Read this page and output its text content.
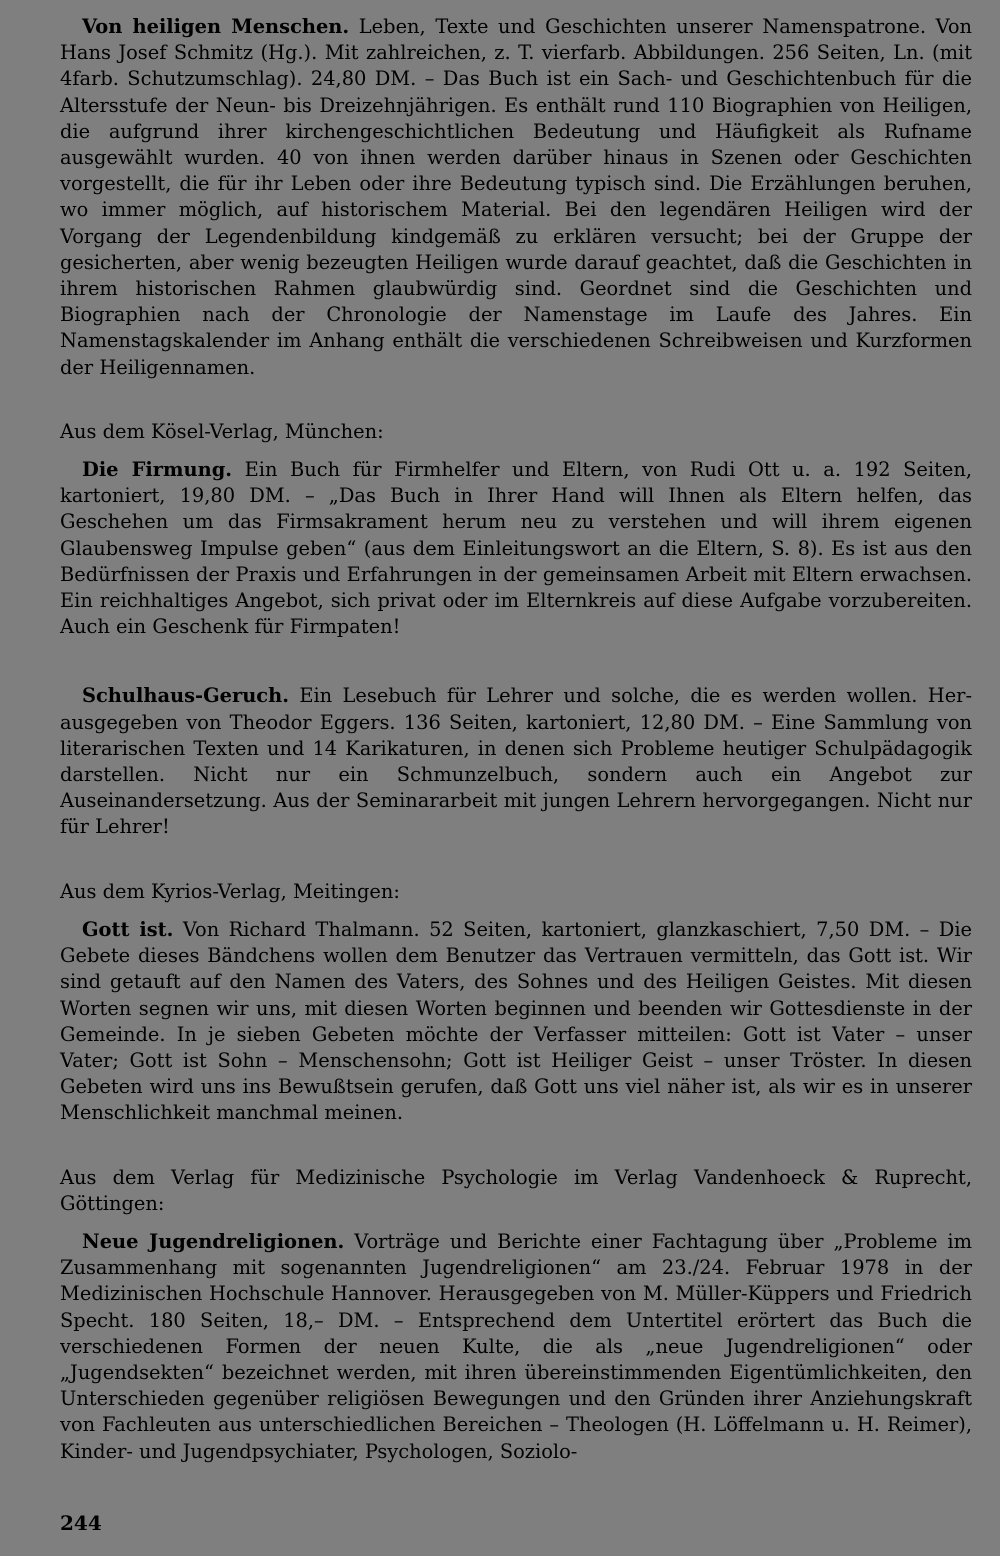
Von heiligen Menschen. Leben, Texte und Geschichten unserer Namenspatrone. Von Hans Josef Schmitz (Hg.). Mit zahlreichen, z. T. vierfarb. Abbildungen. 256 Seiten, Ln. (mit 4farb. Schutzumschlag). 24,80 DM. – Das Buch ist ein Sach- und Geschichtenbuch für die Altersstufe der Neun- bis Dreizehnjährigen. Es enthält rund 110 Biographien von Heiligen, die aufgrund ihrer kirchengeschichtlichen Bedeutung und Häufigkeit als Rufname ausgewählt wurden. 40 von ihnen werden darüber hinaus in Szenen oder Geschichten vorgestellt, die für ihr Leben oder ihre Bedeutung typisch sind. Die Erzählungen beruhen, wo immer möglich, auf historischem Material. Bei den legendären Heiligen wird der Vorgang der Legendenbildung kindgemäß zu erklären versucht; bei der Gruppe der gesicherten, aber wenig bezeugten Heiligen wurde darauf geachtet, daß die Geschichten in ihrem historischen Rahmen glaubwürdig sind. Geordnet sind die Geschichten und Biographien nach der Chronologie der Namenstage im Laufe des Jahres. Ein Namenstagskalender im Anhang enthält die verschiedenen Schreibweisen und Kurzformen der Heiligennamen.

Aus dem Kösel-Verlag, München:

Die Firmung. Ein Buch für Firmhelfer und Eltern, von Rudi Ott u. a. 192 Seiten, kartoniert, 19,80 DM. – „Das Buch in Ihrer Hand will Ihnen als Eltern helfen, das Geschehen um das Firmsakrament herum neu zu verstehen und will ihrem eigenen Glaubensweg Impulse geben“ (aus dem Einleitungswort an die Eltern, S. 8). Es ist aus den Bedürfnissen der Praxis und Erfahrungen in der gemeinsamen Arbeit mit Eltern erwachsen. Ein reichhaltiges Angebot, sich privat oder im Elternkreis auf diese Aufgabe vorzubereiten. Auch ein Geschenk für Firmpaten!

Schulhaus-Geruch. Ein Lesebuch für Lehrer und solche, die es werden wollen. Herausgegeben von Theodor Eggers. 136 Seiten, kartoniert, 12,80 DM. – Eine Sammlung von literarischen Texten und 14 Karikaturen, in denen sich Probleme heutiger Schulpädagogik darstellen. Nicht nur ein Schmunzelbuch, sondern auch ein Angebot zur Auseinandersetzung. Aus der Seminararbeit mit jungen Lehrern hervorgegangen. Nicht nur für Lehrer!

Aus dem Kyrios-Verlag, Meitingen:

Gott ist. Von Richard Thalmann. 52 Seiten, kartoniert, glanzkaschiert, 7,50 DM. – Die Gebete dieses Bändchens wollen dem Benutzer das Vertrauen vermitteln, das Gott ist. Wir sind getauft auf den Namen des Vaters, des Sohnes und des Heiligen Geistes. Mit diesen Worten segnen wir uns, mit diesen Worten beginnen und beenden wir Gottesdienste in der Gemeinde. In je sieben Gebeten möchte der Verfasser mitteilen: Gott ist Vater – unser Vater; Gott ist Sohn – Menschensohn; Gott ist Heiliger Geist – unser Tröster. In diesen Gebeten wird uns ins Bewußtsein gerufen, daß Gott uns viel näher ist, als wir es in unserer Menschlichkeit manchmal meinen.

Aus dem Verlag für Medizinische Psychologie im Verlag Vandenhoeck & Ruprecht, Göttingen:

Neue Jugendreligionen. Vorträge und Berichte einer Fachtagung über „Probleme im Zusammenhang mit sogenannten Jugendreligionen“ am 23./24. Februar 1978 in der Medizinischen Hochschule Hannover. Herausgegeben von M. Müller-Küppers und Friedrich Specht. 180 Seiten, 18,– DM. – Entsprechend dem Untertitel erörtert das Buch die verschiedenen Formen der neuen Kulte, die als „neue Jugendreligionen“ oder „Jugendsekten“ bezeichnet werden, mit ihren übereinstimmenden Eigentümlichkeiten, den Unterschieden gegenüber religiösen Bewegungen und den Gründen ihrer Anziehungskraft von Fachleuten aus unterschiedlichen Bereichen – Theologen (H. Löffelmann u. H. Reimer), Kinder- und Jugendpsychiater, Psychologen, Soziolo-

244
